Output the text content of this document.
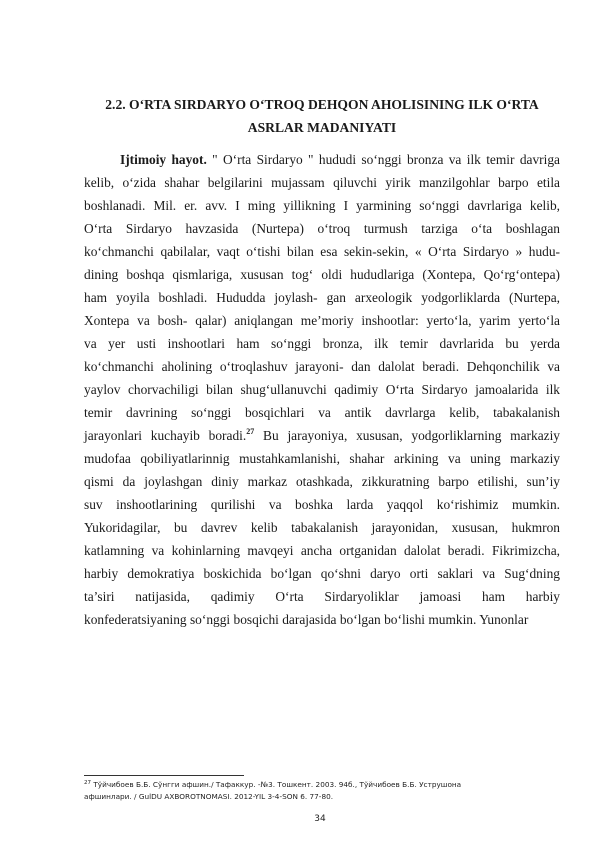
2.2. O‘RTA SIRDARYO O‘TROQ DEHQON AHOLISINING ILK O‘RTA
ASRLAR MADANIYATI
Ijtimoiy hayot. " O‘rta Sirdaryo " hududi so‘nggi bronza va ilk temir davriga
kelib, o‘zida shahar belgilarini mujassam qiluvchi yirik manzilgohlar barpo etila
boshlanadi. Mil. er. avv. I ming yillikning I yarmining so‘nggi davrlariga kelib,
O‘rta Sirdaryo havzasida (Nurtepa) o‘troq turmush tarziga o‘ta boshlagan
ko‘chmanchi qabilalar, vaqt o‘tishi bilan esa sekin-sekin, « O‘rta Sirdaryo » hudu-
dining boshqa qismlariga, xususan tog‘ oldi hududlariga (Xontepa, Qo‘rg‘ontepa)
ham yoyila boshladi. Hududda joylash- gan arxeologik yodgorliklarda (Nurtepa,
Xontepa va bosh- qalar) aniqlangan me’moriy inshootlar: yerto‘la, yarim yerto‘la
va yer usti inshootlari ham so‘nggi bronza, ilk temir davrlarida bu yerda
ko‘chmanchi aholining o‘troqlashuv jarayoni- dan dalolat beradi. Dehqonchilik va
yaylov chorvachiligi bilan shug‘ullanuvchi qadimiy O‘rta Sirdaryo jamoalarida ilk
temir davrining so‘nggi bosqichlari va antik davrlarga kelib, tabakalanish
jarayonlari kuchayib boradi.$^{27}$ Bu jarayoniya, xususan, yodgorliklarning markaziy
mudofaa qobiliyatlarinnig mustahkamlanishi, shahar arkining va uning markaziy
qismi da joylashgan diniy markaz otashkada, zikkuratning barpo etilishi, sun’iy
suv inshootlarining qurilishi va boshka larda yaqqol ko‘rishimiz mumkin.
Yukoridagilar, bu davrev kelib tabakalanish jarayonidan, xususan, hukmron
katlamning va kohinlarning mavqeyi ancha ortganidan dalolat beradi. Fikrimizcha,
harbiy demokratiya boskichida bo‘lgan qo‘shni daryo orti saklari va Sug‘dning
ta’siri natijasida, qadimiy O‘rta Sirdaryoliklar jamoasi ham harbiy
konfederatsiyaning so‘nggi bosqichi darajasida bo‘lgan bo‘lishi mumkin. Yunonlar
$^{27}$ Тўйчибоев Б.Б. Сўнгги афшин./ Тафаккур. -№3. Тошкент. 2003. 94б., Тўйчибоев Б.Б. Уструшона
афшинлари. / GulDU AXBOROTNOMASI. 2012-YIL 3-4-SON 6. 77-80.
34
